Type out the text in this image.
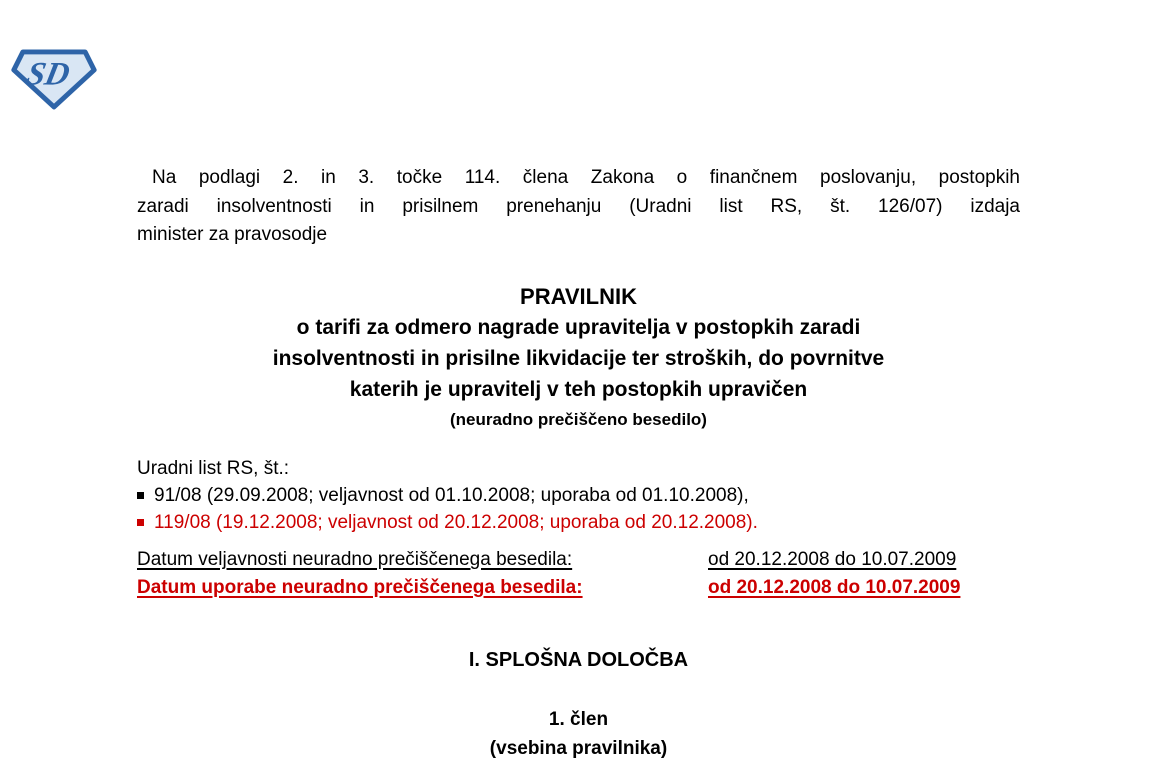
SD
Na podlagi 2. in 3. točke 114. člena Zakona o finančnem poslovanju, postopkih
zaradi insolventnosti in prisilnem prenehanju (Uradni list RS, št. 126/07) izdaja
minister za pravosodje
PRAVILNIK
o tarifi za odmero nagrade upravitelja v postopkih zaradi
insolventnosti in prisilne likvidacije ter stroških, do povrnitve
katerih je upravitelj v teh postopkih upravičen
(neuradno prečiščeno besedilo)
Uradni list RS, št.:
91/08 (29.09.2008; veljavnost od 01.10.2008; uporaba od 01.10.2008),
119/08 (19.12.2008; veljavnost od 20.12.2008; uporaba od 20.12.2008).
Datum veljavnosti neuradno prečiščenega besedila:	od 20.12.2008 do 10.07.2009
Datum uporabe neuradno prečiščenega besedila:	od 20.12.2008 do 10.07.2009
I. SPLOŠNA DOLOČBA
1. člen
(vsebina pravilnika)
